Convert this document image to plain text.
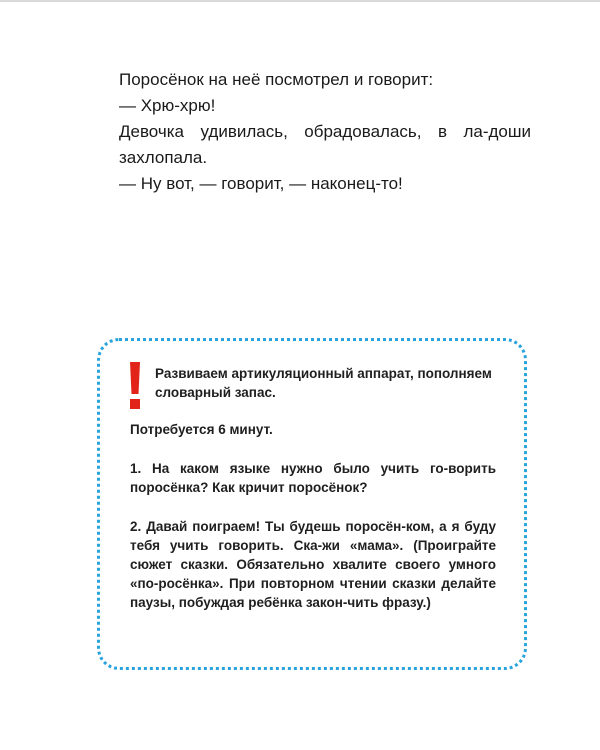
Поросёнок на неё посмотрел и говорит:

— Хрю-хрю!

Девочка удивилась, обрадовалась, в ла-доши захлопала.

— Ну вот, — говорит, — наконец-то!

Развиваем артикуляционный аппарат, пополняем словарный запас.

Потребуется 6 минут.

1. На каком языке нужно было учить го-ворить поросёнка? Как кричит поросёнок?

2. Давай поиграем! Ты будешь поросён-ком, а я буду тебя учить говорить. Ска-жи «мама». (Проиграйте сюжет сказки. Обязательно хвалите своего умного «по-росёнка». При повторном чтении сказки делайте паузы, побуждая ребёнка закон-чить фразу.)
